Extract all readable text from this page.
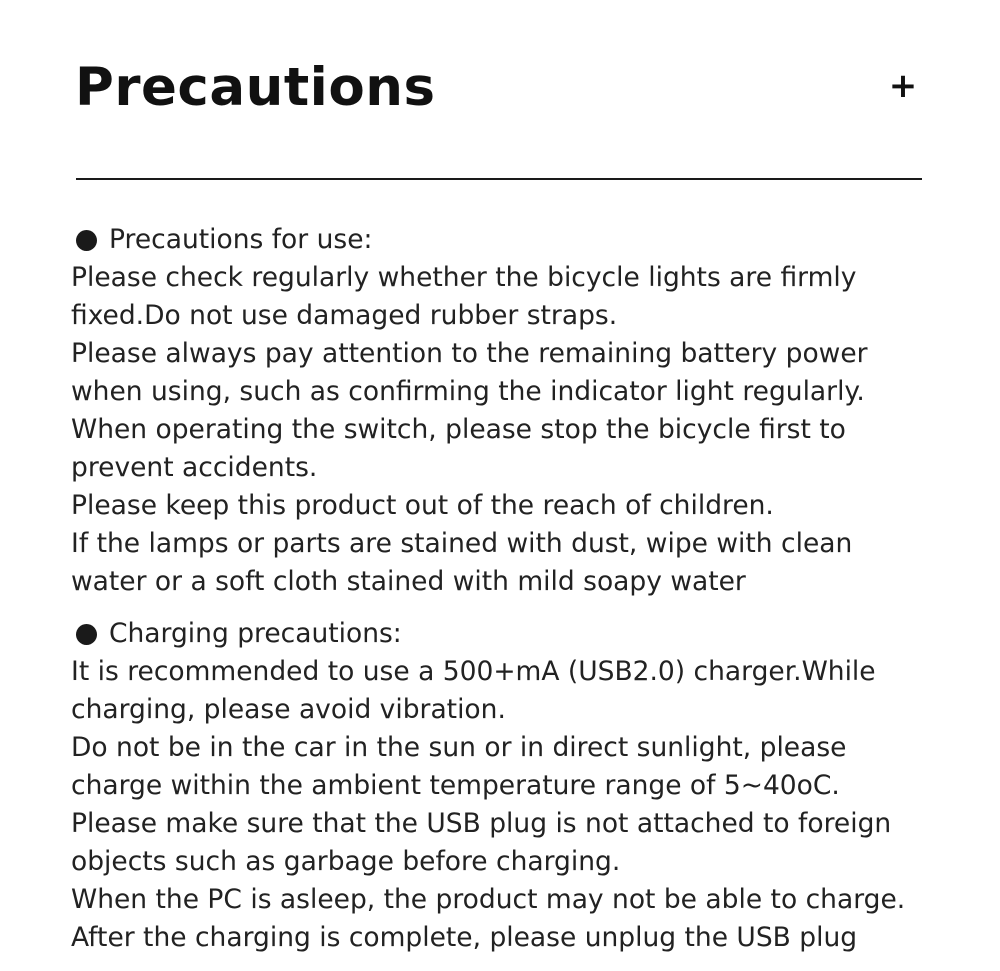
Precautions	+

Precautions for use:

Please check regularly whether the bicycle lights are firmly
fixed.Do not use damaged rubber straps.
Please always pay attention to the remaining battery power
when using, such as confirming the indicator light regularly.
When operating the switch, please stop the bicycle first to
prevent accidents.
Please keep this product out of the reach of children.
If the lamps or parts are stained with dust, wipe with clean
water or a soft cloth stained with mild soapy water

Charging precautions:

It is recommended to use a 500+mA (USB2.0) charger.While
charging, please avoid vibration.
Do not be in the car in the sun or in direct sunlight, please
charge within the ambient temperature range of 5~40oC.
Please make sure that the USB plug is not attached to foreign
objects such as garbage before charging.
When the PC is asleep, the product may not be able to charge.
After the charging is complete, please unplug the USB plug
